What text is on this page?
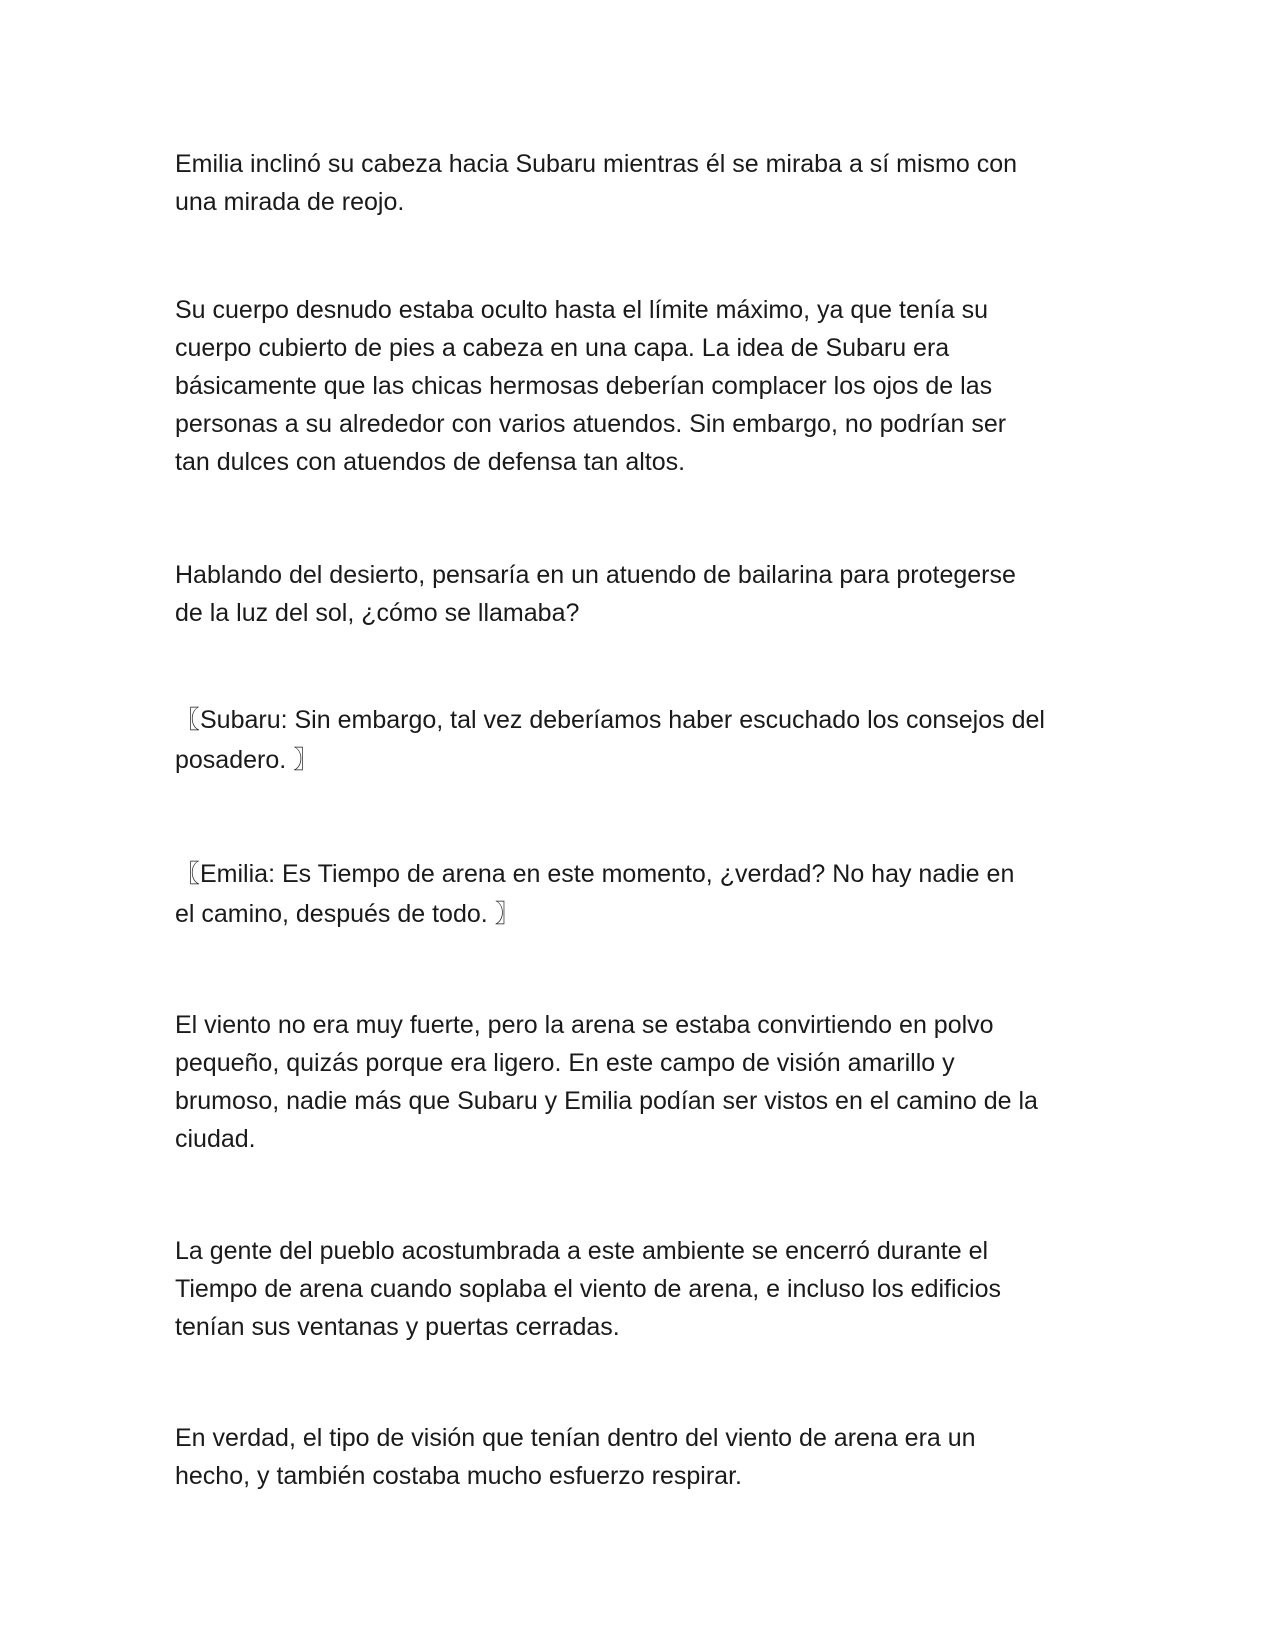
Emilia inclinó su cabeza hacia Subaru mientras él se miraba a sí mismo con
una mirada de reojo.
Su cuerpo desnudo estaba oculto hasta el límite máximo, ya que tenía su
cuerpo cubierto de pies a cabeza en una capa. La idea de Subaru era
básicamente que las chicas hermosas deberían complacer los ojos de las
personas a su alrededor con varios atuendos. Sin embargo, no podrían ser
tan dulces con atuendos de defensa tan altos.
Hablando del desierto, pensaría en un atuendo de bailarina para protegerse
de la luz del sol, ¿cómo se llamaba?
〖Subaru: Sin embargo, tal vez deberíamos haber escuchado los consejos del
posadero. 〗
〖Emilia: Es Tiempo de arena en este momento, ¿verdad? No hay nadie en
el camino, después de todo. 〗
El viento no era muy fuerte, pero la arena se estaba convirtiendo en polvo
pequeño, quizás porque era ligero. En este campo de visión amarillo y
brumoso, nadie más que Subaru y Emilia podían ser vistos en el camino de la
ciudad.
La gente del pueblo acostumbrada a este ambiente se encerró durante el
Tiempo de arena cuando soplaba el viento de arena, e incluso los edificios
tenían sus ventanas y puertas cerradas.
En verdad, el tipo de visión que tenían dentro del viento de arena era un
hecho, y también costaba mucho esfuerzo respirar.
